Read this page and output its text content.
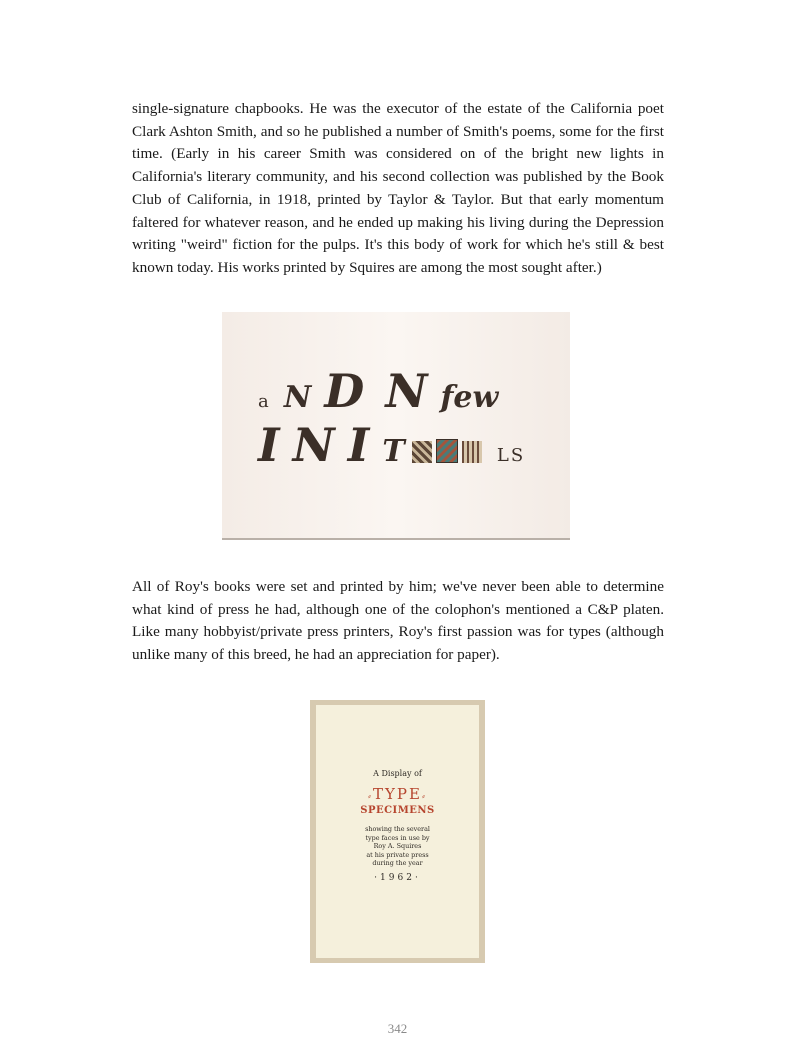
single-signature chapbooks. He was the executor of the estate of the California poet Clark Ashton Smith, and so he published a number of Smith's poems, some for the first time. (Early in his career Smith was considered on of the bright new lights in California's literary community, and his second collection was published by the Book Club of California, in 1918, printed by Taylor & Taylor. But that early momentum faltered for whatever reason, and he ended up making his living during the Depression writing "weird" fiction for the pulps. It's this body of work for which he's still & best known today. His works printed by Squires are among the most sought after.)

a N D N few
I N I T	LS

All of Roy's books were set and printed by him; we've never been able to determine what kind of press he had, although one of the colophon's mentioned a C&P platen. Like many hobbyist/private press printers, Roy's first passion was for types (although unlike many of this breed, he had an appreciation for paper).

A Display of
⸗TYPE⸗
SPECIMENS
showing the several
type faces in use by
Roy A. Squires
at his private press
during the year
·1962·
342
